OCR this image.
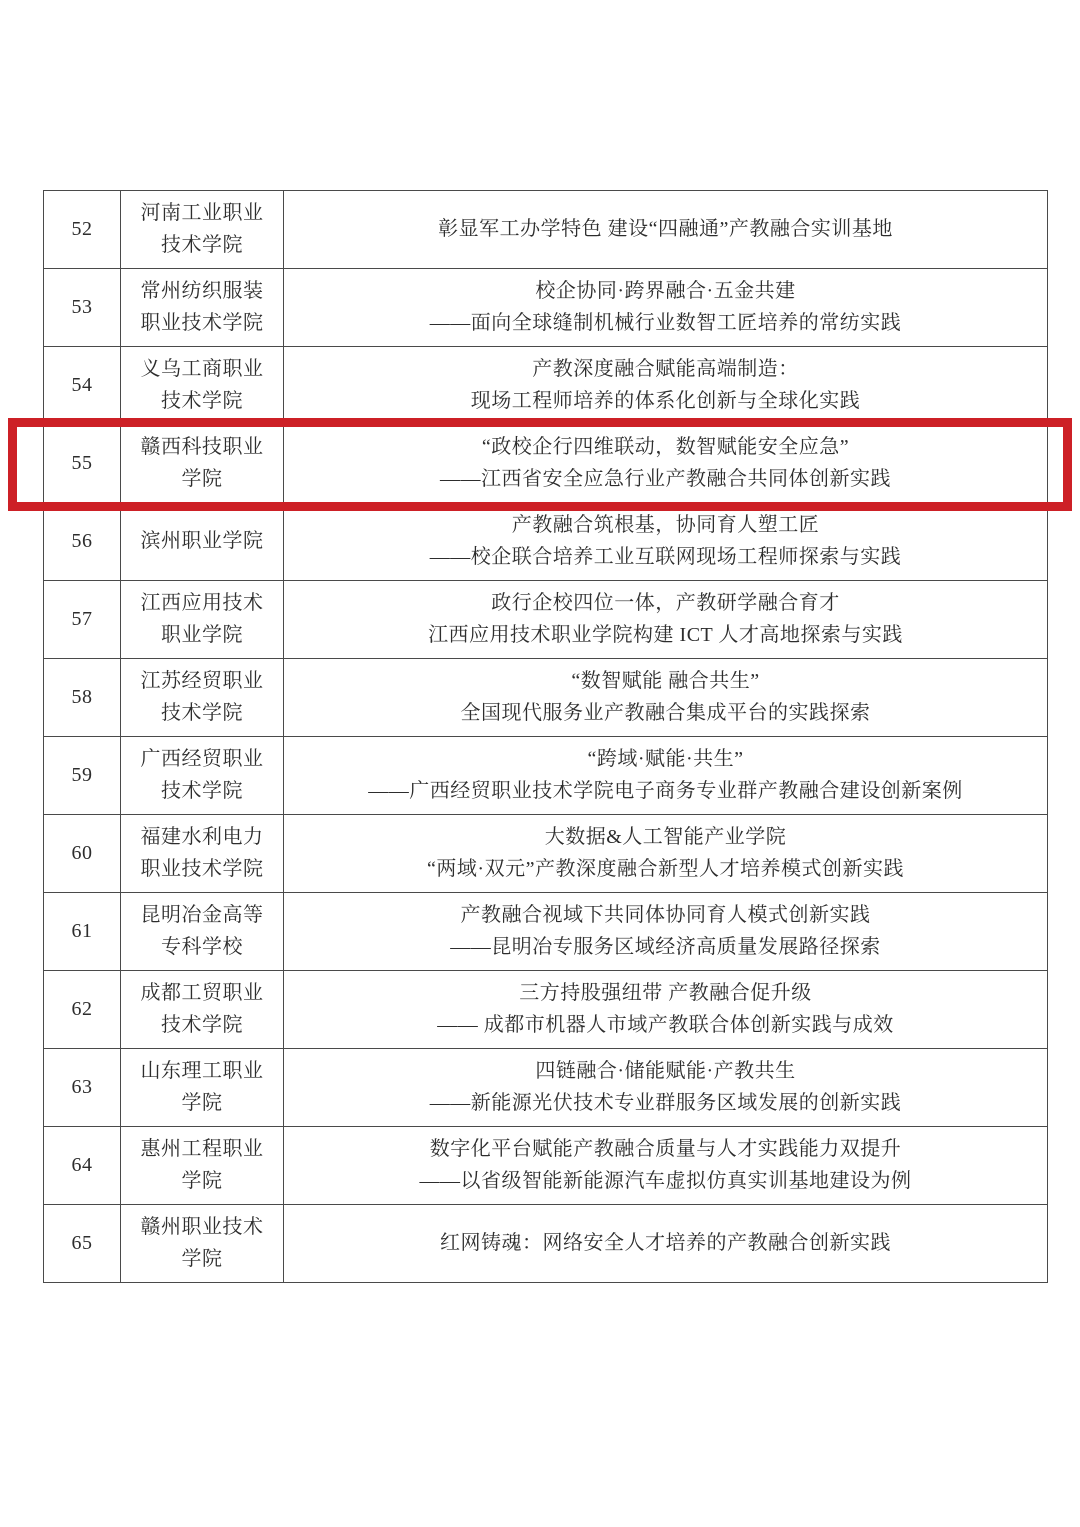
52
河南工业职业
技术学院
彰显军工办学特色 建设“四融通”产教融合实训基地
53
常州纺织服装
职业技术学院
校企协同·跨界融合·五金共建
——面向全球缝制机械行业数智工匠培养的常纺实践
54
义乌工商职业
技术学院
产教深度融合赋能高端制造：
现场工程师培养的体系化创新与全球化实践
55
赣西科技职业
学院
“政校企行四维联动，数智赋能安全应急”
——江西省安全应急行业产教融合共同体创新实践
56	滨州职业学院
产教融合筑根基，协同育人塑工匠
——校企联合培养工业互联网现场工程师探索与实践
57
江西应用技术
职业学院
政行企校四位一体，产教研学融合育才
江西应用技术职业学院构建 ICT 人才高地探索与实践
58
江苏经贸职业
技术学院
“数智赋能 融合共生”
全国现代服务业产教融合集成平台的实践探索
59
广西经贸职业
技术学院
“跨域·赋能·共生”
——广西经贸职业技术学院电子商务专业群产教融合建设创新案例
60
福建水利电力
职业技术学院
大数据&人工智能产业学院
“两域·双元”产教深度融合新型人才培养模式创新实践
61
昆明冶金高等
专科学校
产教融合视域下共同体协同育人模式创新实践
——昆明冶专服务区域经济高质量发展路径探索
62
成都工贸职业
技术学院
三方持股强纽带 产教融合促升级
—— 成都市机器人市域产教联合体创新实践与成效
63
山东理工职业
学院
四链融合·储能赋能·产教共生
——新能源光伏技术专业群服务区域发展的创新实践
64
惠州工程职业
学院
数字化平台赋能产教融合质量与人才实践能力双提升
——以省级智能新能源汽车虚拟仿真实训基地建设为例
65
赣州职业技术
学院
红网铸魂：网络安全人才培养的产教融合创新实践
